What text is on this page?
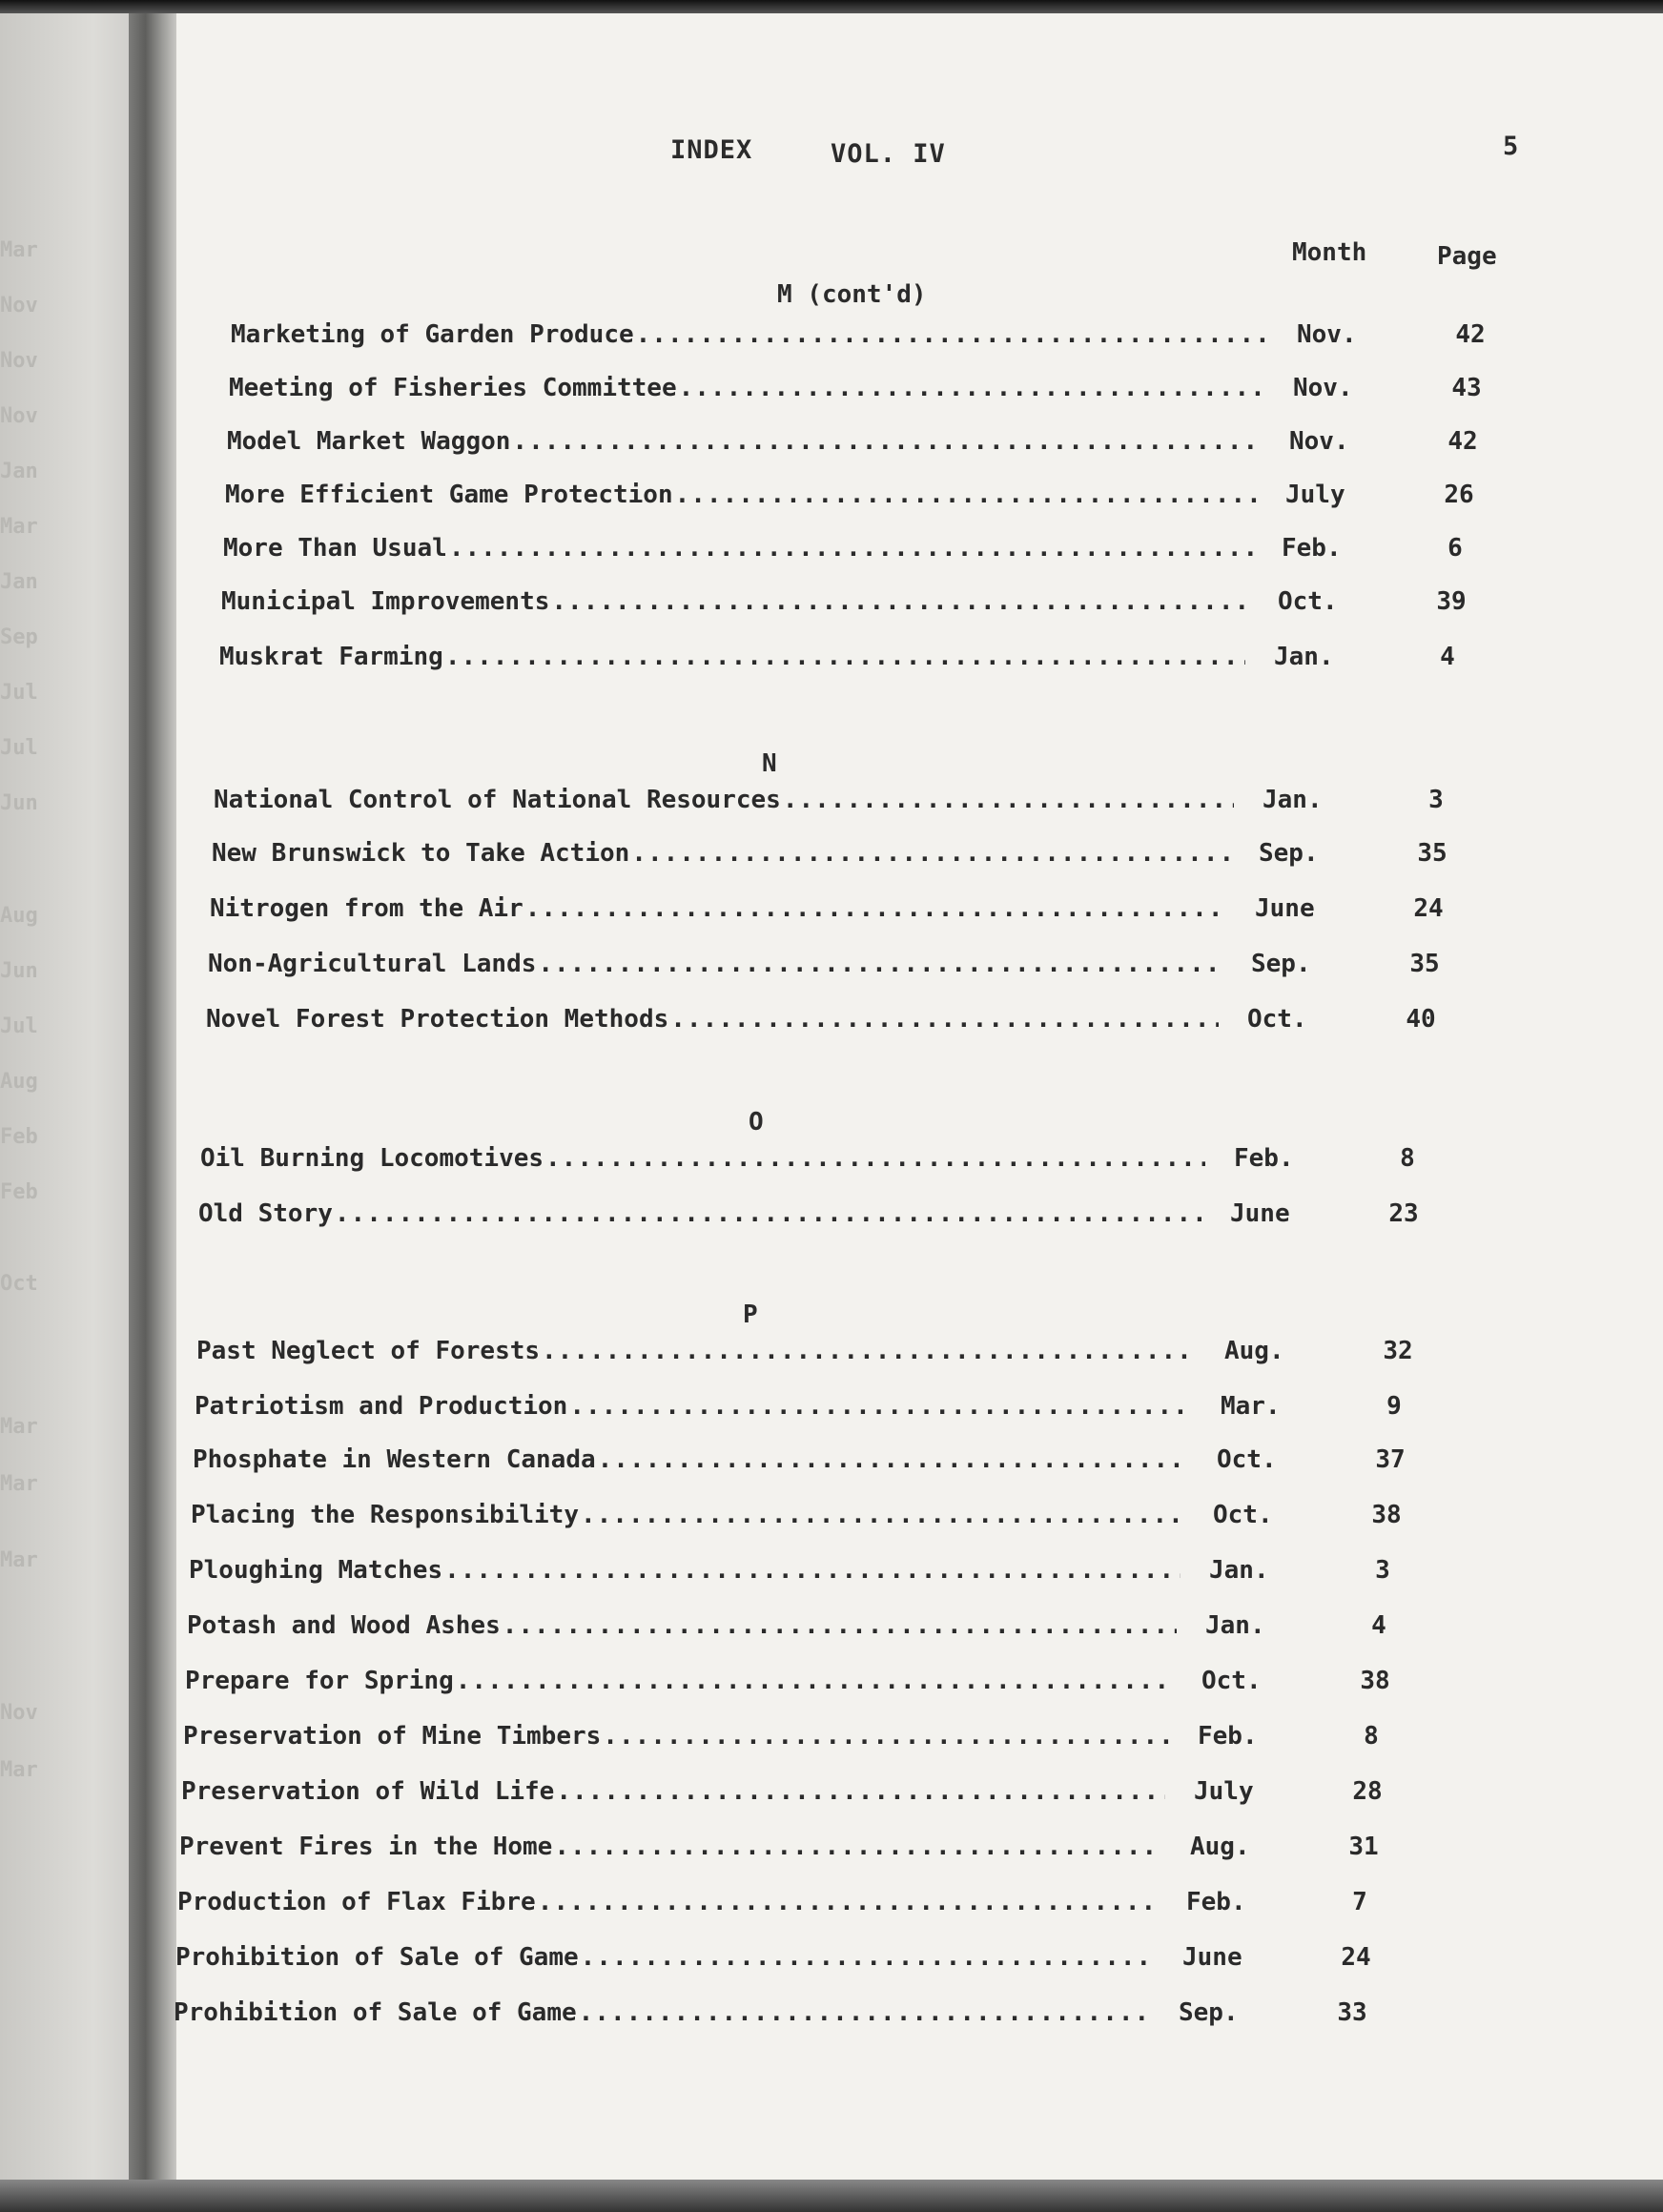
Mar
Nov
Nov
Nov
Jan
Mar
Jan
Sep
Jul
Jul
Jun
Aug
Jun
Jul
Aug
Feb
Feb
Oct
Mar
Mar
Mar
Nov
Mar
INDEX	VOL. IV	5
Month	Page
M (cont'd)
Marketing of Garden Produce .....	Nov.	42
Meeting of Fisheries Committee .....	Nov.	43
Model Market Waggon .....	Nov.	42
More Efficient Game Protection .....	July	26
More Than Usual .....	Feb.	6
Municipal Improvements .....	Oct.	39
Muskrat Farming .....	Jan.	4
N
National Control of National Resources .....	Jan.	3
New Brunswick to Take Action .....	Sep.	35
Nitrogen from the Air .....	June	24
Non-Agricultural Lands .....	Sep.	35
Novel Forest Protection Methods .....	Oct.	40
O
Oil Burning Locomotives .....	Feb.	8
Old Story .....	June	23
P
Past Neglect of Forests .....	Aug.	32
Patriotism and Production .....	Mar.	9
Phosphate in Western Canada .....	Oct.	37
Placing the Responsibility .....	Oct.	38
Ploughing Matches .....	Jan.	3
Potash and Wood Ashes .....	Jan.	4
Prepare for Spring .....	Oct.	38
Preservation of Mine Timbers .....	Feb.	8
Preservation of Wild Life .....	July	28
Prevent Fires in the Home .....	Aug.	31
Production of Flax Fibre .....	Feb.	7
Prohibition of Sale of Game .....	June	24
Prohibition of Sale of Game .....	Sep.	33
